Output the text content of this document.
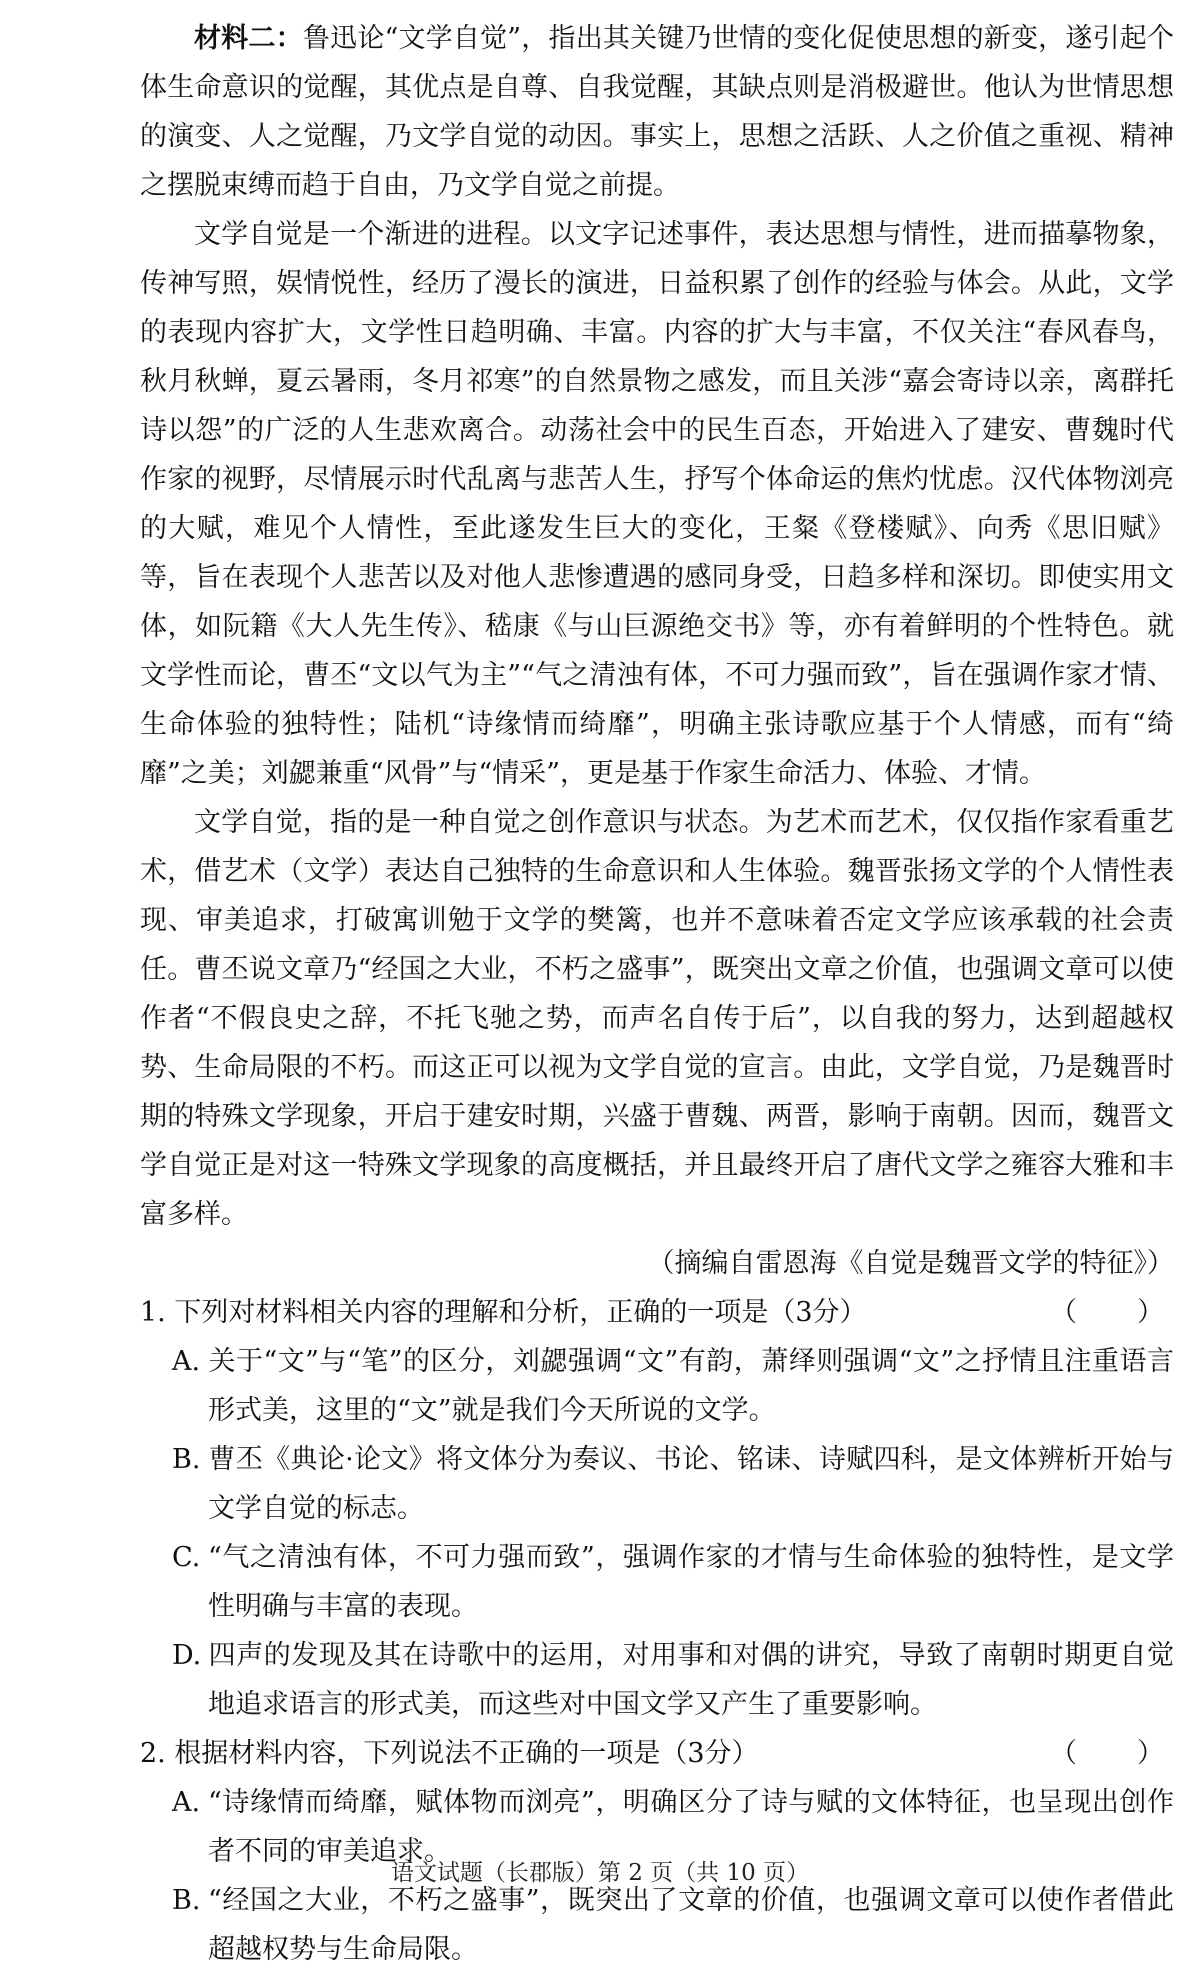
材料二：鲁迅论“文学自觉”，指出其关键乃世情的变化促使思想的新变，遂引起个体生命意识的觉醒，其优点是自尊、自我觉醒，其缺点则是消极避世。他认为世情思想的演变、人之觉醒，乃文学自觉的动因。事实上，思想之活跃、人之价值之重视、精神之摆脱束缚而趋于自由，乃文学自觉之前提。

文学自觉是一个渐进的进程。以文字记述事件，表达思想与情性，进而描摹物象，传神写照，娱情悦性，经历了漫长的演进，日益积累了创作的经验与体会。从此，文学的表现内容扩大，文学性日趋明确、丰富。内容的扩大与丰富，不仅关注“春风春鸟，秋月秋蝉，夏云暑雨，冬月祁寒”的自然景物之感发，而且关涉“嘉会寄诗以亲，离群托诗以怨”的广泛的人生悲欢离合。动荡社会中的民生百态，开始进入了建安、曹魏时代作家的视野，尽情展示时代乱离与悲苦人生，抒写个体命运的焦灼忧虑。汉代体物浏亮的大赋，难见个人情性，至此遂发生巨大的变化，王粲《登楼赋》、向秀《思旧赋》等，旨在表现个人悲苦以及对他人悲惨遭遇的感同身受，日趋多样和深切。即使实用文体，如阮籍《大人先生传》、嵇康《与山巨源绝交书》等，亦有着鲜明的个性特色。就文学性而论，曹丕“文以气为主”“气之清浊有体，不可力强而致”，旨在强调作家才情、生命体验的独特性；陆机“诗缘情而绮靡”，明确主张诗歌应基于个人情感，而有“绮靡”之美；刘勰兼重“风骨”与“情采”，更是基于作家生命活力、体验、才情。

文学自觉，指的是一种自觉之创作意识与状态。为艺术而艺术，仅仅指作家看重艺术，借艺术（文学）表达自己独特的生命意识和人生体验。魏晋张扬文学的个人情性表现、审美追求，打破寓训勉于文学的樊篱，也并不意味着否定文学应该承载的社会责任。曹丕说文章乃“经国之大业，不朽之盛事”，既突出文章之价值，也强调文章可以使作者“不假良史之辞，不托飞驰之势，而声名自传于后”，以自我的努力，达到超越权势、生命局限的不朽。而这正可以视为文学自觉的宣言。由此，文学自觉，乃是魏晋时期的特殊文学现象，开启于建安时期，兴盛于曹魏、两晋，影响于南朝。因而，魏晋文学自觉正是对这一特殊文学现象的高度概括，并且最终开启了唐代文学之雍容大雅和丰富多样。

（摘编自雷恩海《自觉是魏晋文学的特征》）

1. 下列对材料相关内容的理解和分析，正确的一项是（3分）	（　　）

A. 关于“文”与“笔”的区分，刘勰强调“文”有韵，萧绎则强调“文”之抒情且注重语言形式美，这里的“文”就是我们今天所说的文学。

B. 曹丕《典论·论文》将文体分为奏议、书论、铭诔、诗赋四科，是文体辨析开始与文学自觉的标志。

C. “气之清浊有体，不可力强而致”，强调作家的才情与生命体验的独特性，是文学性明确与丰富的表现。

D. 四声的发现及其在诗歌中的运用，对用事和对偶的讲究，导致了南朝时期更自觉地追求语言的形式美，而这些对中国文学又产生了重要影响。

2. 根据材料内容，下列说法不正确的一项是（3分）	（　　）

A. “诗缘情而绮靡，赋体物而浏亮”，明确区分了诗与赋的文体特征，也呈现出创作者不同的审美追求。

B. “经国之大业，不朽之盛事”，既突出了文章的价值，也强调文章可以使作者借此超越权势与生命局限。

语文试题（长郡版）第 2 页（共 10 页）
